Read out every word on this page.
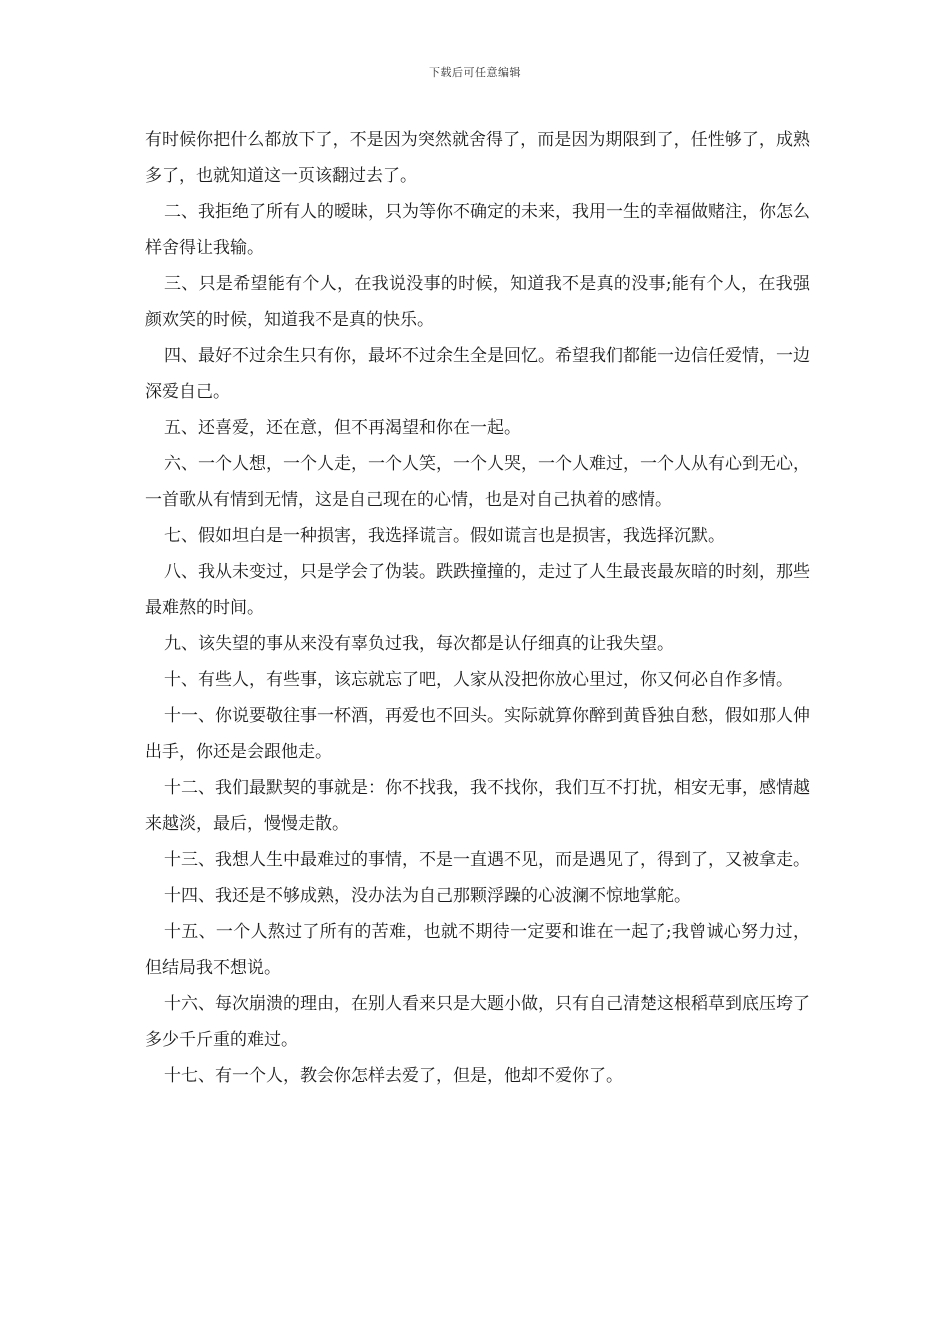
下载后可任意编辑

有时候你把什么都放下了，不是因为突然就舍得了，而是因为期限到了，任性够了，成熟多了，也就知道这一页该翻过去了。

二、我拒绝了所有人的暧昧，只为等你不确定的未来，我用一生的幸福做赌注，你怎么样舍得让我输。

三、只是希望能有个人，在我说没事的时候，知道我不是真的没事;能有个人，在我强颜欢笑的时候，知道我不是真的快乐。

四、最好不过余生只有你，最坏不过余生全是回忆。希望我们都能一边信任爱情，一边深爱自己。

五、还喜爱，还在意，但不再渴望和你在一起。

六、一个人想，一个人走，一个人笑，一个人哭，一个人难过，一个人从有心到无心，一首歌从有情到无情，这是自己现在的心情，也是对自己执着的感情。

七、假如坦白是一种损害，我选择谎言。假如谎言也是损害，我选择沉默。

八、我从未变过，只是学会了伪装。跌跌撞撞的，走过了人生最丧最灰暗的时刻，那些最难熬的时间。

九、该失望的事从来没有辜负过我，每次都是认仔细真的让我失望。

十、有些人，有些事，该忘就忘了吧，人家从没把你放心里过，你又何必自作多情。

十一、你说要敬往事一杯酒，再爱也不回头。实际就算你醉到黄昏独自愁，假如那人伸出手，你还是会跟他走。

十二、我们最默契的事就是：你不找我，我不找你，我们互不打扰，相安无事，感情越来越淡，最后，慢慢走散。

十三、我想人生中最难过的事情，不是一直遇不见，而是遇见了，得到了，又被拿走。

十四、我还是不够成熟，没办法为自己那颗浮躁的心波澜不惊地掌舵。

十五、一个人熬过了所有的苦难，也就不期待一定要和谁在一起了;我曾诚心努力过，但结局我不想说。

十六、每次崩溃的理由，在别人看来只是大题小做，只有自己清楚这根稻草到底压垮了多少千斤重的难过。

十七、有一个人，教会你怎样去爱了，但是，他却不爱你了。
